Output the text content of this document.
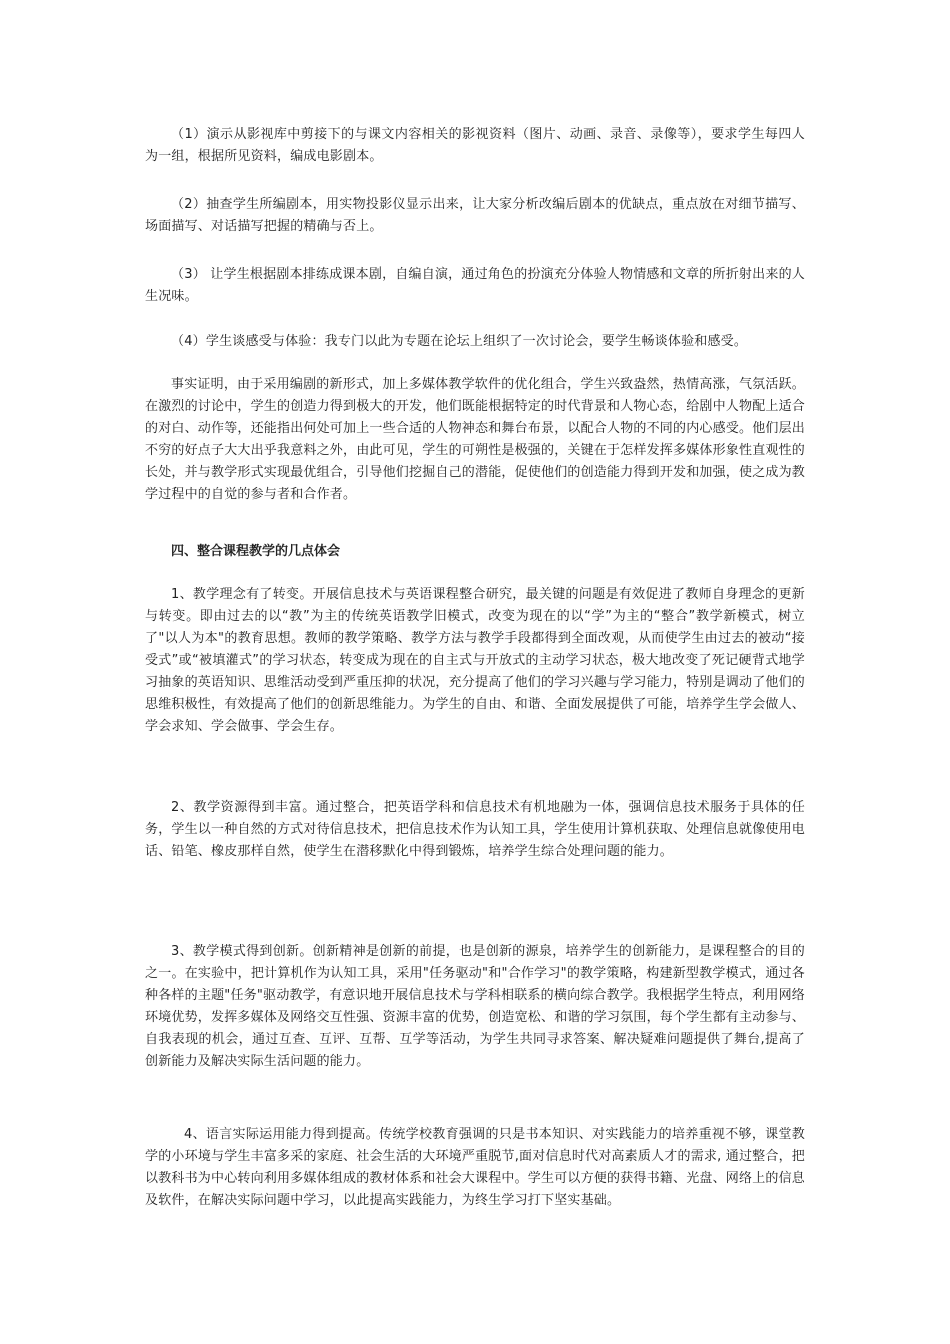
（1）演示从影视库中剪接下的与课文内容相关的影视资料（图片、动画、录音、录像等），要求学生每四人为一组，根据所见资料，编成电影剧本。

（2）抽查学生所编剧本，用实物投影仪显示出来，让大家分析改编后剧本的优缺点，重点放在对细节描写、场面描写、对话描写把握的精确与否上。

（3） 让学生根据剧本排练成课本剧，自编自演，通过角色的扮演充分体验人物情感和文章的所折射出来的人生况味。

（4）学生谈感受与体验：我专门以此为专题在论坛上组织了一次讨论会，要学生畅谈体验和感受。

事实证明，由于采用编剧的新形式，加上多媒体教学软件的优化组合，学生兴致盎然，热情高涨，气氛活跃。在激烈的讨论中，学生的创造力得到极大的开发，他们既能根据特定的时代背景和人物心态，给剧中人物配上适合的对白、动作等，还能指出何处可加上一些合适的人物神态和舞台布景，以配合人物的不同的内心感受。他们层出不穷的好点子大大出乎我意料之外，由此可见，学生的可朔性是极强的，关键在于怎样发挥多媒体形象性直观性的长处，并与教学形式实现最优组合，引导他们挖掘自己的潜能，促使他们的创造能力得到开发和加强，使之成为教学过程中的自觉的参与者和合作者。

四、整合课程教学的几点体会

1、教学理念有了转变。开展信息技术与英语课程整合研究，最关键的问题是有效促进了教师自身理念的更新与转变。即由过去的以“教”为主的传统英语教学旧模式，改变为现在的以“学”为主的“整合”教学新模式，树立了"以人为本"的教育思想。教师的教学策略、教学方法与教学手段都得到全面改观，从而使学生由过去的被动“接受式”或“被填灌式”的学习状态，转变成为现在的自主式与开放式的主动学习状态，极大地改变了死记硬背式地学习抽象的英语知识、思维活动受到严重压抑的状况，充分提高了他们的学习兴趣与学习能力，特别是调动了他们的思维积极性，有效提高了他们的创新思维能力。为学生的自由、和谐、全面发展提供了可能，培养学生学会做人、学会求知、学会做事、学会生存。

2、教学资源得到丰富。通过整合，把英语学科和信息技术有机地融为一体，强调信息技术服务于具体的任务，学生以一种自然的方式对待信息技术，把信息技术作为认知工具，学生使用计算机获取、处理信息就像使用电话、铅笔、橡皮那样自然，使学生在潜移默化中得到锻炼，培养学生综合处理问题的能力。

3、教学模式得到创新。创新精神是创新的前提，也是创新的源泉，培养学生的创新能力，是课程整合的目的之一。在实验中，把计算机作为认知工具，采用"任务驱动"和"合作学习"的教学策略，构建新型教学模式，通过各种各样的主题"任务"驱动教学，有意识地开展信息技术与学科相联系的横向综合教学。我根据学生特点，利用网络环境优势，发挥多媒体及网络交互性强、资源丰富的优势，创造宽松、和谐的学习氛围，每个学生都有主动参与、自我表现的机会，通过互查、互评、互帮、互学等活动，为学生共同寻求答案、解决疑难问题提供了舞台,提高了创新能力及解决实际生活问题的能力。

4、语言实际运用能力得到提高。传统学校教育强调的只是书本知识、对实践能力的培养重视不够，课堂教学的小环境与学生丰富多采的家庭、社会生活的大环境严重脱节,面对信息时代对高素质人才的需求, 通过整合，把以教科书为中心转向利用多媒体组成的教材体系和社会大课程中。学生可以方便的获得书籍、光盘、网络上的信息及软件，在解决实际问题中学习，以此提高实践能力，为终生学习打下坚实基础。
